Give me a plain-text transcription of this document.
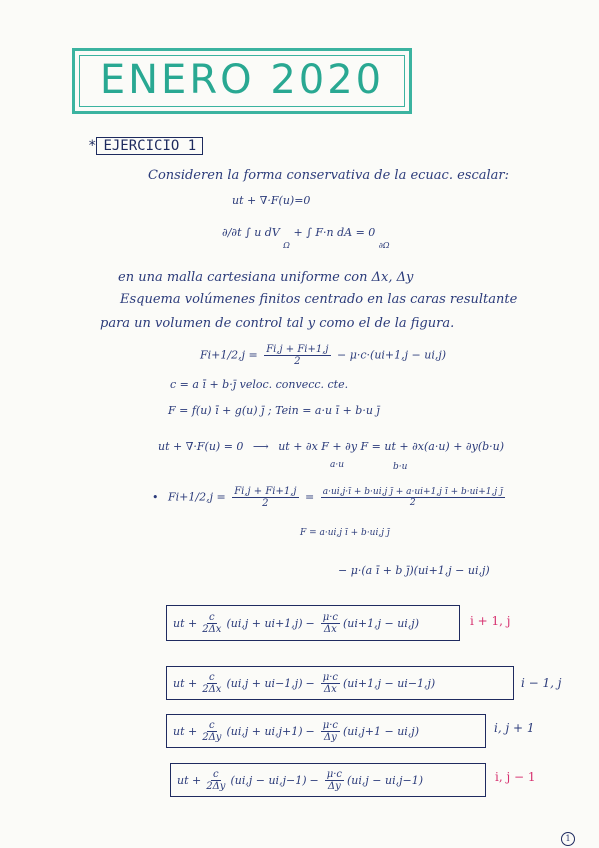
ENERO 2020
* EJERCICIO 1
Consideren la forma conservativa de la ecuac. escalar:
ut + ∇·F(u)=0
∂/∂t ∫ u dV $_\Omega$ + ∫ F·n dA = 0 $_{\partial\Omega}$
en una malla cartesiana uniforme con Δx, Δy
Esquema volúmenes finitos centrado en las caras resultante
para un volumen de control tal y como el de la figura.
$Fi+1/2,j = \frac{Fi,j + Fi+1,j}{2} - \mu\cdot c\cdot(ui+1,j - ui,j)$
c = a ī + b·j̄ veloc. convecc. cte.
F = f(u) ī + g(u) j̄ ; Tein = a·u ī + b·u j̄
ut + ∇·F(u) = 0 ⟶ ut + ∂x F + ∂y F = ut + ∂x(a·u) + ∂y(b·u)
a·u	b·u
• $Fi+1/2,j = \frac{Fi,j + Fi+1,j}{2} = \frac{\text{a·ui,j·ī + b·ui,j j̄ + a·ui+1,j ī + b·ui+1,j j̄}}{2}$
F = a·ui,j ī + b·ui,j j̄
− μ·(a ī + b j̄)(ui+1,j − ui,j)
ut + $\frac{c}{2\Delta x} (ui,j + ui+1,j) - \frac{\mu\cdot c}{\Delta x} (ui+1,j - ui,j)$	i + 1, j
ut + $\frac{c}{2\Delta x} (ui,j + ui-1,j) - \frac{\mu\cdot c}{\Delta x} (ui+1,j - ui-1,j)$	i − 1, j
ut + $\frac{c}{2\Delta y} (ui,j + ui,j+1) - \frac{\mu\cdot c}{\Delta y} (ui,j+1 - ui,j)$	i, j + 1
ut + $\frac{c}{2\Delta y} (ui,j - ui,j-1) - \frac{\mu\cdot c}{\Delta y} (ui,j - ui,j-1)$	i, j − 1
1
